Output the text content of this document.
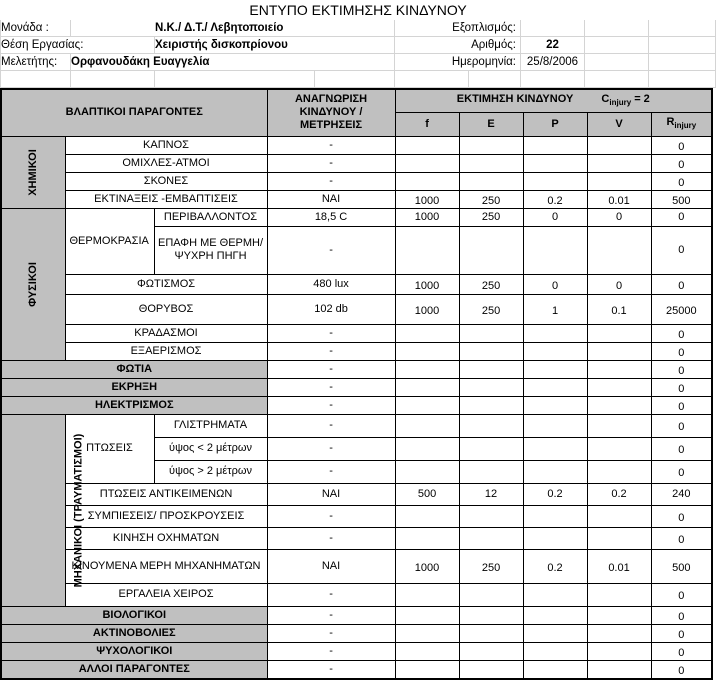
ΕΝΤΥΠΟ ΕΚΤΙΜΗΣΗΣ ΚΙΝΔΥΝΟΥ								
Μονάδα :	Ν.Κ./ Δ.Τ./ Λεβητοποιείο			Εξοπλισμός:				
Θέση Εργασίας:		Χειριστής δισκοπρίονου		Αριθμός:		22		
Μελετήτης:	Ορφανουδάκη Ευαγγελία			Ημερομηνία:		25/8/2006		

ΒΛΑΠΤΙΚΟΙ ΠΑΡΑΓΟΝΤΕΣ			ΑΝΑΓΝΩΡΙΣΗ ΚΙΝΔΥΝΟΥ / ΜΕΤΡΗΣΕΙΣ	ΕΚΤΙΜΗΣΗ ΚΙΝΔΥΝΟΥ $C_{injury} = 2$				
				f	E	P	V	$R_{injury}$
ΧΗΜΙΚΟΙ	ΚΑΠΝΟΣ		-					0

	ΟΜΙΧΛΕΣ-ΑΤΜΟΙ		-					0

	ΣΚΟΝΕΣ		-					0

	ΕΚΤΙΝΑΞΕΙΣ -ΕΜΒΑΠΤΙΣΕΙΣ		ΝΑΙ	1000	250	0.2	0.01	500

ΦΥΣΙΚΟΙ	ΘΕΡΜΟΚΡΑΣΙΑ	ΠΕΡΙΒΑΛΛΟΝΤΟΣ	18,5 C	1000	250	0	0	0
		ΕΠΑΦΗ ΜΕ ΘΕΡΜΗ/ ΨΥΧΡΗ ΠΗΓΗ	-					0
	ΦΩΤΙΣΜΟΣ		480 lux	1000	250	0	0	0

	ΘΟΡΥΒΟΣ		102 db	1000	250	1	0.1	25000

	ΚΡΑΔΑΣΜΟΙ		-					0

	ΕΞΑΕΡΙΣΜΟΣ		-					0

ΦΩΤΙΑ			-					0

ΕΚΡΗΞΗ			-					0

ΗΛΕΚΤΡΙΣΜΟΣ			-					0

ΜΗΧΑΝΙΚΟΙ (ΤΡΑΥΜΑΤΙΣΜΟΙ)	ΠΤΩΣΕΙΣ	ΓΛΙΣΤΡΗΜΑΤΑ	-					0

		ύψος < 2 μέτρων	-					0

		ύψος > 2 μέτρων	-					0

	ΠΤΩΣΕΙΣ ΑΝΤΙΚΕΙΜΕΝΩΝ		ΝΑΙ	500	12	0.2	0.2	240
	ΣΥΜΠΙΕΣΕΙΣ/ ΠΡΟΣΚΡΟΥΣΕΙΣ		-					0

	ΚΙΝΗΣΗ ΟΧΗΜΑΤΩΝ		-					0

	ΚΙΝΟΥΜΕΝΑ ΜΕΡΗ ΜΗΧΑΝΗΜΑΤΩΝ		ΝΑΙ	1000	250	0.2	0.01	500

	ΕΡΓΑΛΕΙΑ ΧΕΙΡΟΣ		-					0

ΒΙΟΛΟΓΙΚΟΙ			-					0

ΑΚΤΙΝΟΒΟΛΙΕΣ			-					0

ΨΥΧΟΛΟΓΙΚΟΙ			-					0

ΑΛΛΟΙ ΠΑΡΑΓΟΝΤΕΣ			-					0
